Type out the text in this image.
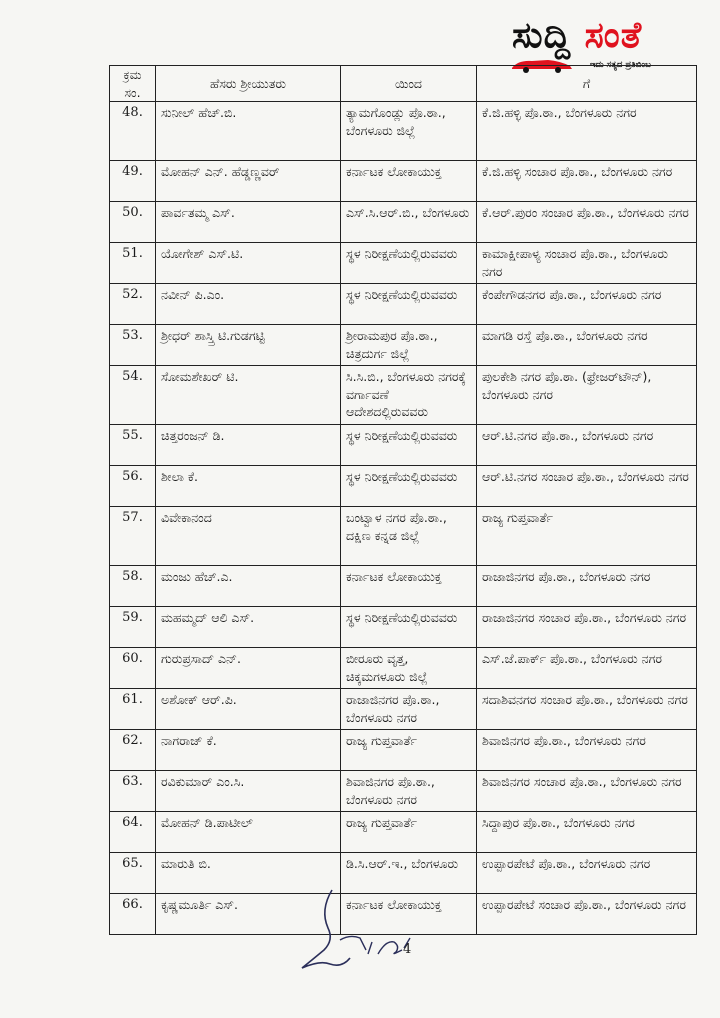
ಸುದ್ದಿ ಸಂತೆ
ಇದು ಸತ್ಯದ ಪ್ರತಿಬಿಂಬ
ಕ್ರಮ ಸಂ.	ಹೆಸರು ಶ್ರೀಯುತರು	ಯಿಂದ	ಗೆ
48.	ಸುನೀಲ್ ಹೆಚ್.ಬಿ.	ತ್ಯಾಮಗೊಂಡ್ಲು ಪೊ.ಠಾ., ಬೆಂಗಳೂರು ಜಿಲ್ಲೆ	ಕೆ.ಜಿ.ಹಳ್ಳಿ ಪೊ.ಠಾ., ಬೆಂಗಳೂರು ನಗರ
49.	ಮೋಹನ್ ಎನ್. ಹೆಡ್ಡಣ್ಣವರ್	ಕರ್ನಾಟಕ ಲೋಕಾಯುಕ್ತ	ಕೆ.ಜಿ.ಹಳ್ಳಿ ಸಂಚಾರ ಪೊ.ಠಾ., ಬೆಂಗಳೂರು ನಗರ
50.	ಪಾರ್ವತಮ್ಮ ಎಸ್.	ಎಸ್.ಸಿ.ಆರ್.ಬಿ., ಬೆಂಗಳೂರು	ಕೆ.ಆರ್.ಪುರಂ ಸಂಚಾರ ಪೊ.ಠಾ., ಬೆಂಗಳೂರು ನಗರ
51.	ಯೋಗೇಶ್ ಎಸ್.ಟಿ.	ಸ್ಥಳ ನಿರೀಕ್ಷಣೆಯಲ್ಲಿರುವವರು	ಕಾಮಾಕ್ಷೀಪಾಳ್ಯ ಸಂಚಾರ ಪೊ.ಠಾ., ಬೆಂಗಳೂರು ನಗರ
52.	ನವೀನ್ ಪಿ.ಎಂ.	ಸ್ಥಳ ನಿರೀಕ್ಷಣೆಯಲ್ಲಿರುವವರು	ಕೆಂಪೇಗೌಡನಗರ ಪೊ.ಠಾ., ಬೆಂಗಳೂರು ನಗರ
53.	ಶ್ರೀಧರ್ ಶಾಸ್ತ್ರಿ ಟಿ.ಗುಡಗಟ್ಟಿ	ಶ್ರೀರಾಮಪುರ ಪೊ.ಠಾ., ಚಿತ್ರದುರ್ಗ ಜಿಲ್ಲೆ	ಮಾಗಡಿ ರಸ್ತೆ ಪೊ.ಠಾ., ಬೆಂಗಳೂರು ನಗರ
54.	ಸೋಮಶೇಖರ್ ಟಿ.	ಸಿ.ಸಿ.ಬಿ., ಬೆಂಗಳೂರು ನಗರಕ್ಕೆ ವರ್ಗಾವಣೆ ಆದೇಶದಲ್ಲಿರುವವರು	ಪುಲಕೇಶಿ ನಗರ ಪೊ.ಠಾ. (ಫ್ರೇಜರ್‌ಟೌನ್), ಬೆಂಗಳೂರು ನಗರ
55.	ಚಿತ್ತರಂಜನ್ ಡಿ.	ಸ್ಥಳ ನಿರೀಕ್ಷಣೆಯಲ್ಲಿರುವವರು	ಆರ್.ಟಿ.ನಗರ ಪೊ.ಠಾ., ಬೆಂಗಳೂರು ನಗರ
56.	ಶೀಲಾ ಕೆ.	ಸ್ಥಳ ನಿರೀಕ್ಷಣೆಯಲ್ಲಿರುವವರು	ಆರ್.ಟಿ.ನಗರ ಸಂಚಾರ ಪೊ.ಠಾ., ಬೆಂಗಳೂರು ನಗರ
57.	ವಿವೇಕಾನಂದ	ಬಂಟ್ವಾಳ ನಗರ ಪೊ.ಠಾ., ದಕ್ಷಿಣ ಕನ್ನಡ ಜಿಲ್ಲೆ	ರಾಜ್ಯ ಗುಪ್ತವಾರ್ತೆ
58.	ಮಂಜು ಹೆಚ್.ಎ.	ಕರ್ನಾಟಕ ಲೋಕಾಯುಕ್ತ	ರಾಜಾಜಿನಗರ ಪೊ.ಠಾ., ಬೆಂಗಳೂರು ನಗರ
59.	ಮಹಮ್ಮದ್ ಆಲಿ ಎಸ್.	ಸ್ಥಳ ನಿರೀಕ್ಷಣೆಯಲ್ಲಿರುವವರು	ರಾಜಾಜಿನಗರ ಸಂಚಾರ ಪೊ.ಠಾ., ಬೆಂಗಳೂರು ನಗರ
60.	ಗುರುಪ್ರಸಾದ್ ಎನ್.	ಬೀರೂರು ವೃತ್ತ, ಚಿಕ್ಕಮಗಳೂರು ಜಿಲ್ಲೆ	ಎಸ್.ಜೆ.ಪಾರ್ಕ್ ಪೊ.ಠಾ., ಬೆಂಗಳೂರು ನಗರ
61.	ಅಶೋಕ್ ಆರ್.ಪಿ.	ರಾಜಾಜಿನಗರ ಪೊ.ಠಾ., ಬೆಂಗಳೂರು ನಗರ	ಸದಾಶಿವನಗರ ಸಂಚಾರ ಪೊ.ಠಾ., ಬೆಂಗಳೂರು ನಗರ
62.	ನಾಗರಾಜ್ ಕೆ.	ರಾಜ್ಯ ಗುಪ್ತವಾರ್ತೆ	ಶಿವಾಜಿನಗರ ಪೊ.ಠಾ., ಬೆಂಗಳೂರು ನಗರ
63.	ರವಿಕುಮಾರ್ ಎಂ.ಸಿ.	ಶಿವಾಜಿನಗರ ಪೊ.ಠಾ., ಬೆಂಗಳೂರು ನಗರ	ಶಿವಾಜಿನಗರ ಸಂಚಾರ ಪೊ.ಠಾ., ಬೆಂಗಳೂರು ನಗರ
64.	ಮೋಹನ್ ಡಿ.ಪಾಟೀಲ್	ರಾಜ್ಯ ಗುಪ್ತವಾರ್ತೆ	ಸಿದ್ದಾಪುರ ಪೊ.ಠಾ., ಬೆಂಗಳೂರು ನಗರ
65.	ಮಾರುತಿ ಬಿ.	ಡಿ.ಸಿ.ಆರ್.ಇ., ಬೆಂಗಳೂರು	ಉಪ್ಪಾರಪೇಟೆ ಪೊ.ಠಾ., ಬೆಂಗಳೂರು ನಗರ
66.	ಕೃಷ್ಣಮೂರ್ತಿ ಎಸ್.	ಕರ್ನಾಟಕ ಲೋಕಾಯುಕ್ತ	ಉಪ್ಪಾರಪೇಟೆ ಸಂಚಾರ ಪೊ.ಠಾ., ಬೆಂಗಳೂರು ನಗರ
4
